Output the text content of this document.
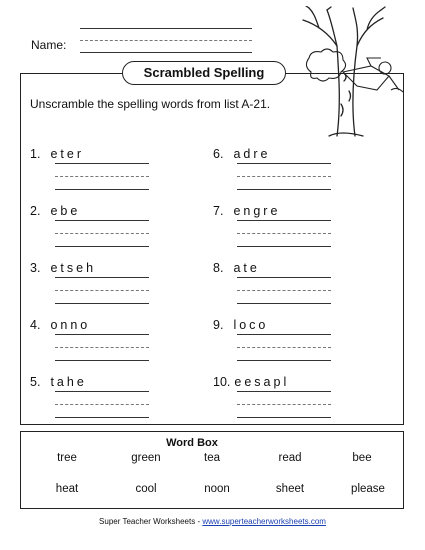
Name:
Scrambled Spelling
Unscramble the spelling words from list A-21.
1. eter
2. ebe
3. etseh
4. onno
5. tahe
6. adre
7. engre
8. ate
9. loco
10. eesapl
Word Box
tree	green	tea	read	bee
heat	cool	noon	sheet	please
Super Teacher Worksheets - www.superteacherworksheets.com
